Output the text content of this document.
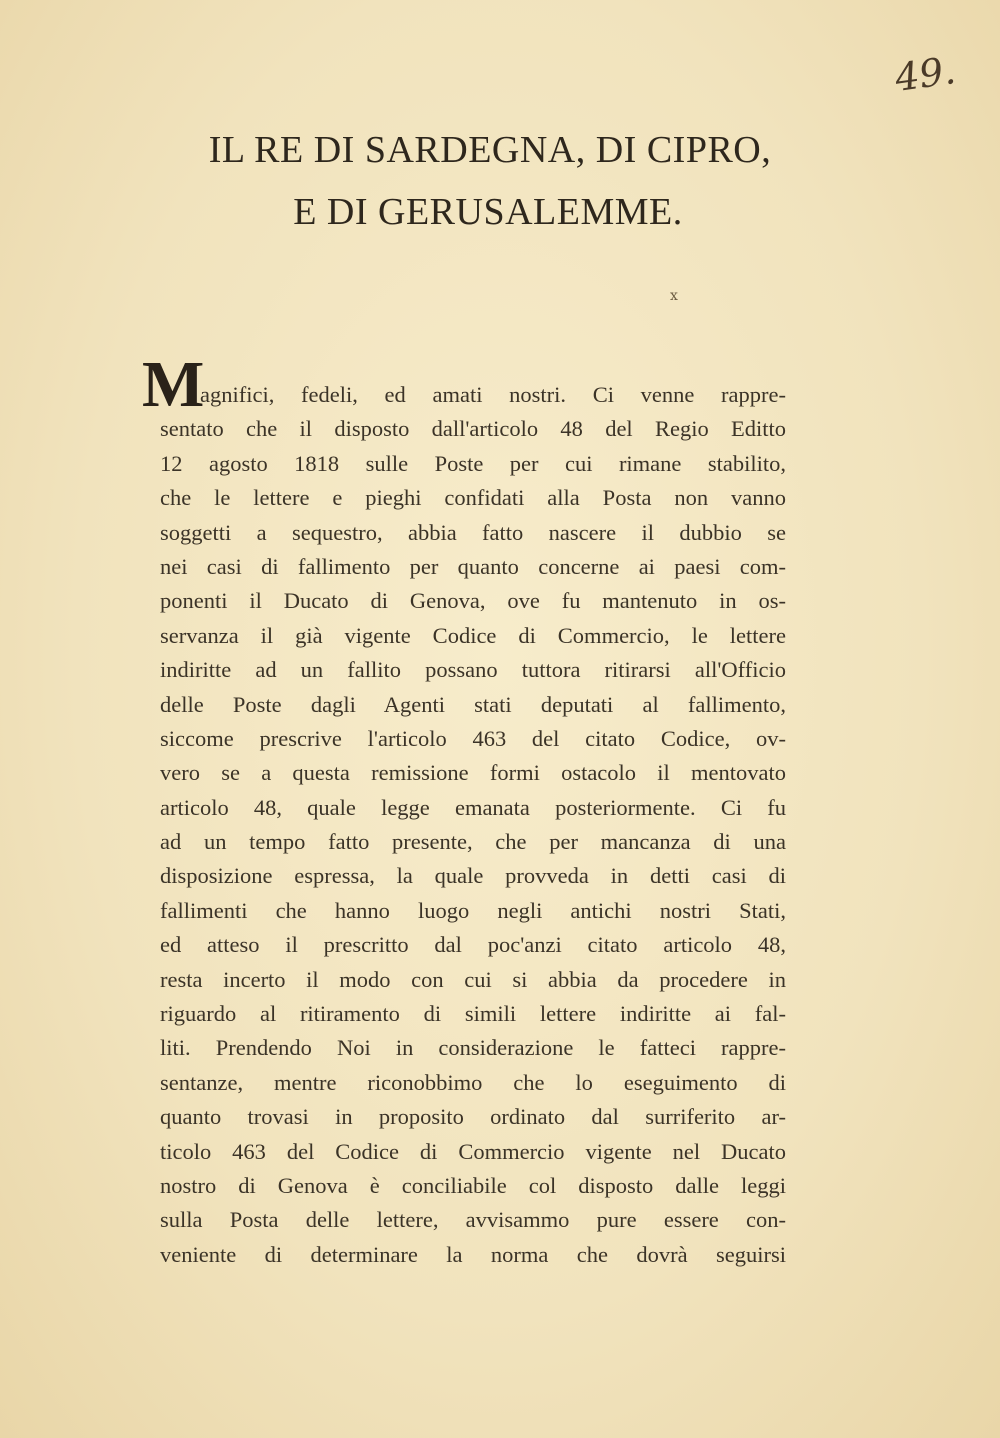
49.
IL RE DI SARDEGNA, DI CIPRO,
E DI GERUSALEMME.
x
M
agnifici, fedeli, ed amati nostri. Ci venne rappre-
sentato che il disposto dall'articolo 48 del Regio Editto
12 agosto 1818 sulle Poste per cui rimane stabilito,
che le lettere e pieghi confidati alla Posta non vanno
soggetti a sequestro, abbia fatto nascere il dubbio se
nei casi di fallimento per quanto concerne ai paesi com-
ponenti il Ducato di Genova, ove fu mantenuto in os-
servanza il già vigente Codice di Commercio, le lettere
indiritte ad un fallito possano tuttora ritirarsi all'Officio
delle Poste dagli Agenti stati deputati al fallimento,
siccome prescrive l'articolo 463 del citato Codice, ov-
vero se a questa remissione formi ostacolo il mentovato
articolo 48, quale legge emanata posteriormente. Ci fu
ad un tempo fatto presente, che per mancanza di una
disposizione espressa, la quale provveda in detti casi di
fallimenti che hanno luogo negli antichi nostri Stati,
ed atteso il prescritto dal poc'anzi citato articolo 48,
resta incerto il modo con cui si abbia da procedere in
riguardo al ritiramento di simili lettere indiritte ai fal-
liti. Prendendo Noi in considerazione le fatteci rappre-
sentanze, mentre riconobbimo che lo eseguimento di
quanto trovasi in proposito ordinato dal surriferito ar-
ticolo 463 del Codice di Commercio vigente nel Ducato
nostro di Genova è conciliabile col disposto dalle leggi
sulla Posta delle lettere, avvisammo pure essere con-
veniente di determinare la norma che dovrà seguirsi
